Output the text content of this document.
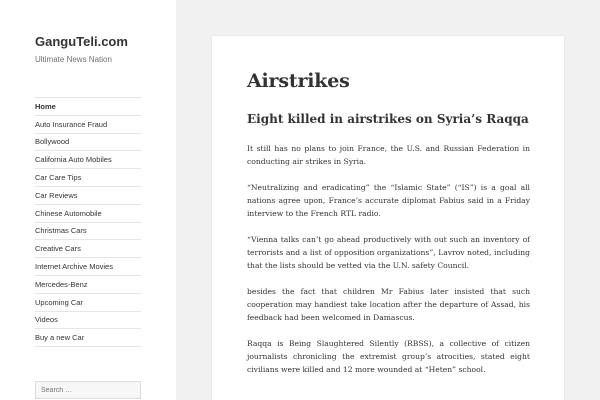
GanguTeli.com
Ultimate News Nation
Home
Auto Insurance Fraud
Bollywood
California Auto Mobiles
Car Care Tips
Car Reviews
Chinese Automobile
Christmas Cars
Creative Cars
Internet Archive Movies
Mercedes-Benz
Upcoming Car
Videos
Buy a new Car
Search …
Airstrikes
Eight killed in airstrikes on Syria’s Raqqa

It still has no plans to join France, the U.S. and Russian Federation in conducting air strikes in Syria.

“Neutralizing and eradicating” the “Islamic State” (“IS”) is a goal all nations agree upon, France’s accurate diplomat Fabius said in a Friday interview to the French RTL radio.

“Vienna talks can’t go ahead productively with out such an inventory of terrorists and a list of opposition organizations”, Lavrov noted, including that the lists should be vetted via the U.N. safety Council.

besides the fact that children Mr Fabius later insisted that such cooperation may handiest take location after the departure of Assad, his feedback had been welcomed in Damascus.

Raqqa is Being Slaughtered Silently (RBSS), a collective of citizen journalists chronicling the extremist group’s atrocities, stated eight civilians were killed and 12 more wounded at “Heten” school.
